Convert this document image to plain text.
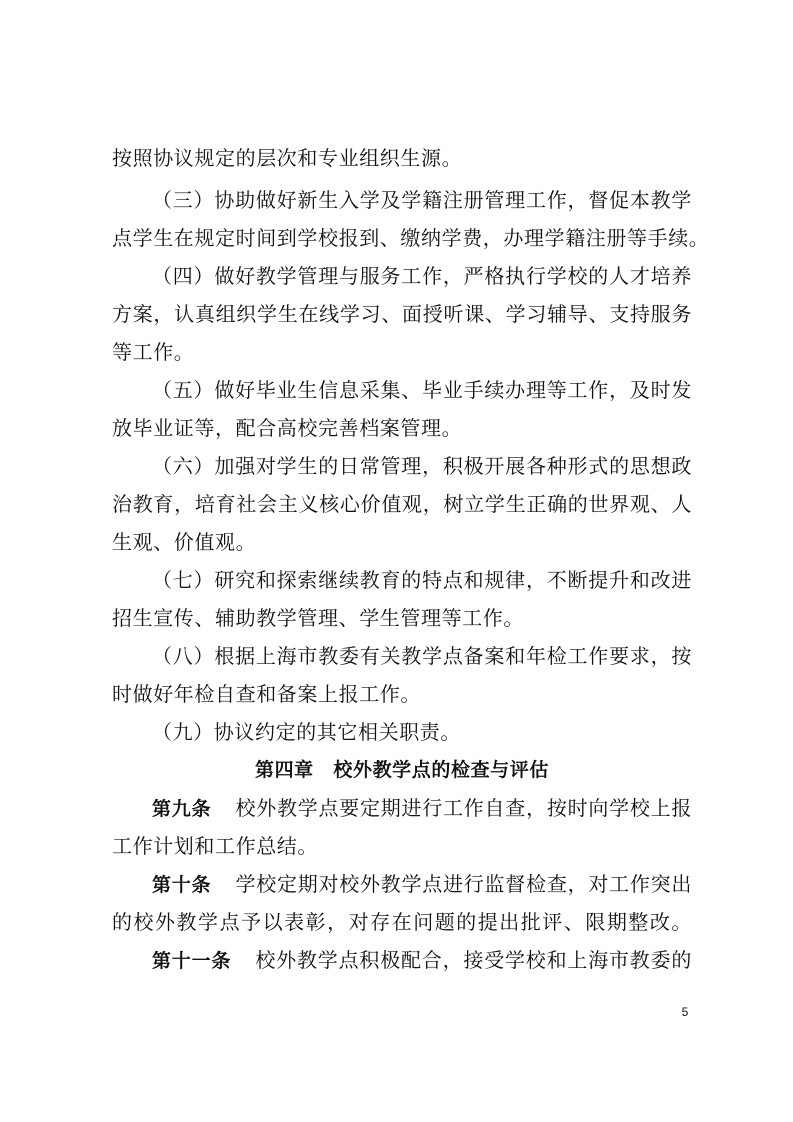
按照协议规定的层次和专业组织生源。
（三）协助做好新生入学及学籍注册管理工作，督促本教学
点学生在规定时间到学校报到、缴纳学费，办理学籍注册等手续。
（四）做好教学管理与服务工作，严格执行学校的人才培养
方案，认真组织学生在线学习、面授听课、学习辅导、支持服务
等工作。
（五）做好毕业生信息采集、毕业手续办理等工作，及时发
放毕业证等，配合高校完善档案管理。
（六）加强对学生的日常管理，积极开展各种形式的思想政
治教育，培育社会主义核心价值观，树立学生正确的世界观、人
生观、价值观。
（七）研究和探索继续教育的特点和规律，不断提升和改进
招生宣传、辅助教学管理、学生管理等工作。
（八）根据上海市教委有关教学点备案和年检工作要求，按
时做好年检自查和备案上报工作。
（九）协议约定的其它相关职责。
第四章　校外教学点的检查与评估
第九条 校外教学点要定期进行工作自查，按时向学校上报
工作计划和工作总结。
第十条 学校定期对校外教学点进行监督检查，对工作突出
的校外教学点予以表彰，对存在问题的提出批评、限期整改。
第十一条 校外教学点积极配合，接受学校和上海市教委的
5
